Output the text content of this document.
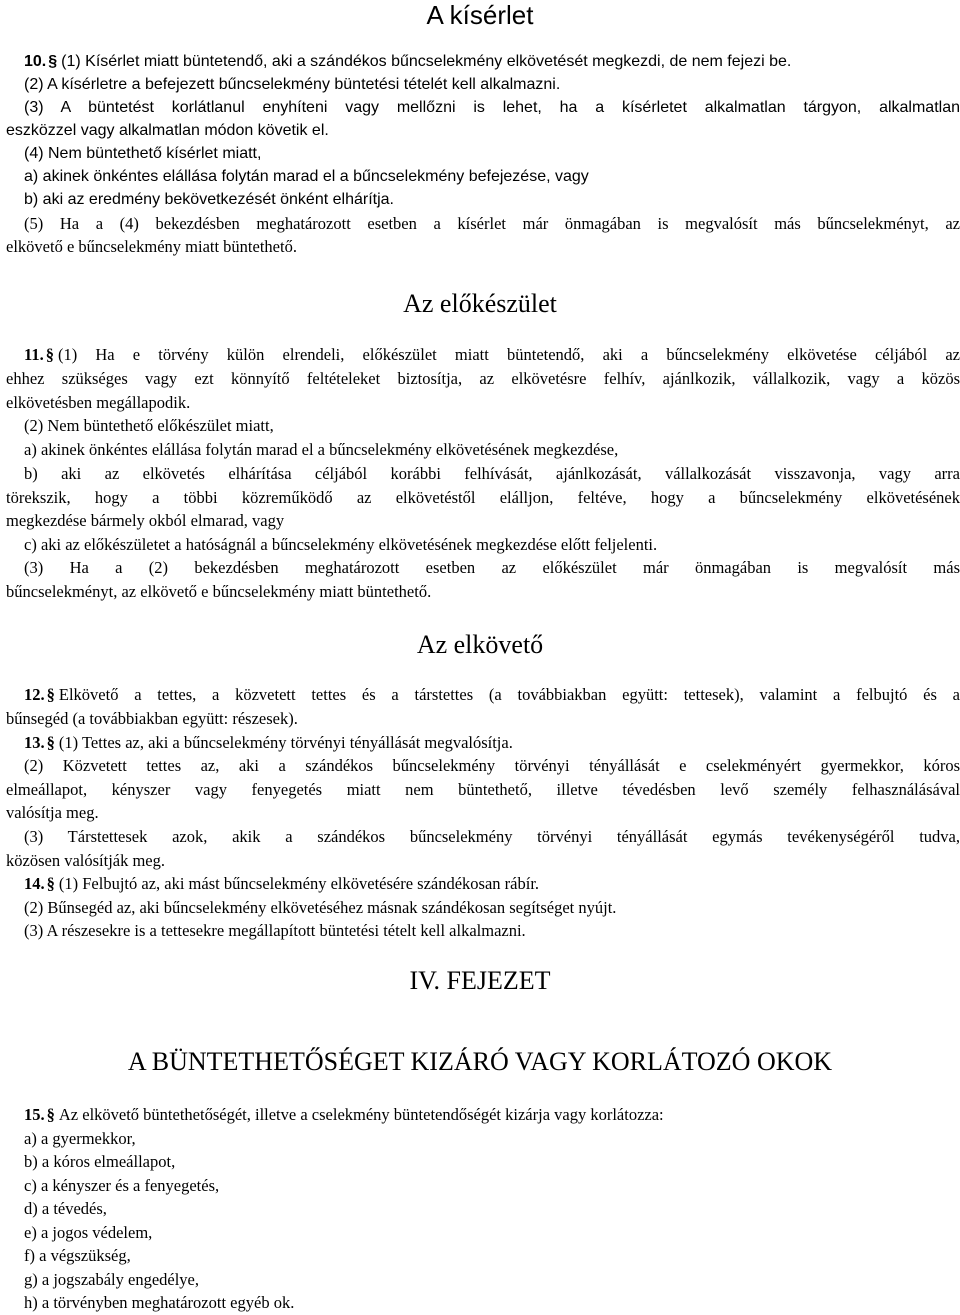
A kísérlet
10. § (1) Kísérlet miatt büntetendő, aki a szándékos bűncselekmény elkövetését megkezdi, de nem fejezi be.
(2) A kísérletre a befejezett bűncselekmény büntetési tételét kell alkalmazni.
(3) A büntetést korlátlanul enyhíteni vagy mellőzni is lehet, ha a kísérletet alkalmatlan tárgyon, alkalmatlan
eszközzel vagy alkalmatlan módon követik el.
(4) Nem büntethető kísérlet miatt,
a) akinek önkéntes elállása folytán marad el a bűncselekmény befejezése, vagy
b) aki az eredmény bekövetkezését önként elhárítja.
(5) Ha a (4) bekezdésben meghatározott esetben a kísérlet már önmagában is megvalósít más bűncselekményt, az
elkövető e bűncselekmény miatt büntethető.
Az előkészület
11. § (1) Ha e törvény külön elrendeli, előkészület miatt büntetendő, aki a bűncselekmény elkövetése céljából az
ehhez szükséges vagy ezt könnyítő feltételeket biztosítja, az elkövetésre felhív, ajánlkozik, vállalkozik, vagy a közös
elkövetésben megállapodik.
(2) Nem büntethető előkészület miatt,
a) akinek önkéntes elállása folytán marad el a bűncselekmény elkövetésének megkezdése,
b) aki az elkövetés elhárítása céljából korábbi felhívását, ajánlkozását, vállalkozását visszavonja, vagy arra
törekszik, hogy a többi közreműködő az elkövetéstől elálljon, feltéve, hogy a bűncselekmény elkövetésének
megkezdése bármely okból elmarad, vagy
c) aki az előkészületet a hatóságnál a bűncselekmény elkövetésének megkezdése előtt feljelenti.
(3) Ha a (2) bekezdésben meghatározott esetben az előkészület már önmagában is megvalósít más
bűncselekményt, az elkövető e bűncselekmény miatt büntethető.
Az elkövető
12. § Elkövető a tettes, a közvetett tettes és a társtettes (a továbbiakban együtt: tettesek), valamint a felbujtó és a
bűnsegéd (a továbbiakban együtt: részesek).
13. § (1) Tettes az, aki a bűncselekmény törvényi tényállását megvalósítja.
(2) Közvetett tettes az, aki a szándékos bűncselekmény törvényi tényállását e cselekményért gyermekkor, kóros
elmeállapot, kényszer vagy fenyegetés miatt nem büntethető, illetve tévedésben levő személy felhasználásával
valósítja meg.
(3) Társtettesek azok, akik a szándékos bűncselekmény törvényi tényállását egymás tevékenységéről tudva,
közösen valósítják meg.
14. § (1) Felbujtó az, aki mást bűncselekmény elkövetésére szándékosan rábír.
(2) Bűnsegéd az, aki bűncselekmény elkövetéséhez másnak szándékosan segítséget nyújt.
(3) A részesekre is a tettesekre megállapított büntetési tételt kell alkalmazni.
IV. FEJEZET
A BÜNTETHETŐSÉGET KIZÁRÓ VAGY KORLÁTOZÓ OKOK
15. § Az elkövető büntethetőségét, illetve a cselekmény büntetendőségét kizárja vagy korlátozza:
a) a gyermekkor,
b) a kóros elmeállapot,
c) a kényszer és a fenyegetés,
d) a tévedés,
e) a jogos védelem,
f) a végszükség,
g) a jogszabály engedélye,
h) a törvényben meghatározott egyéb ok.
